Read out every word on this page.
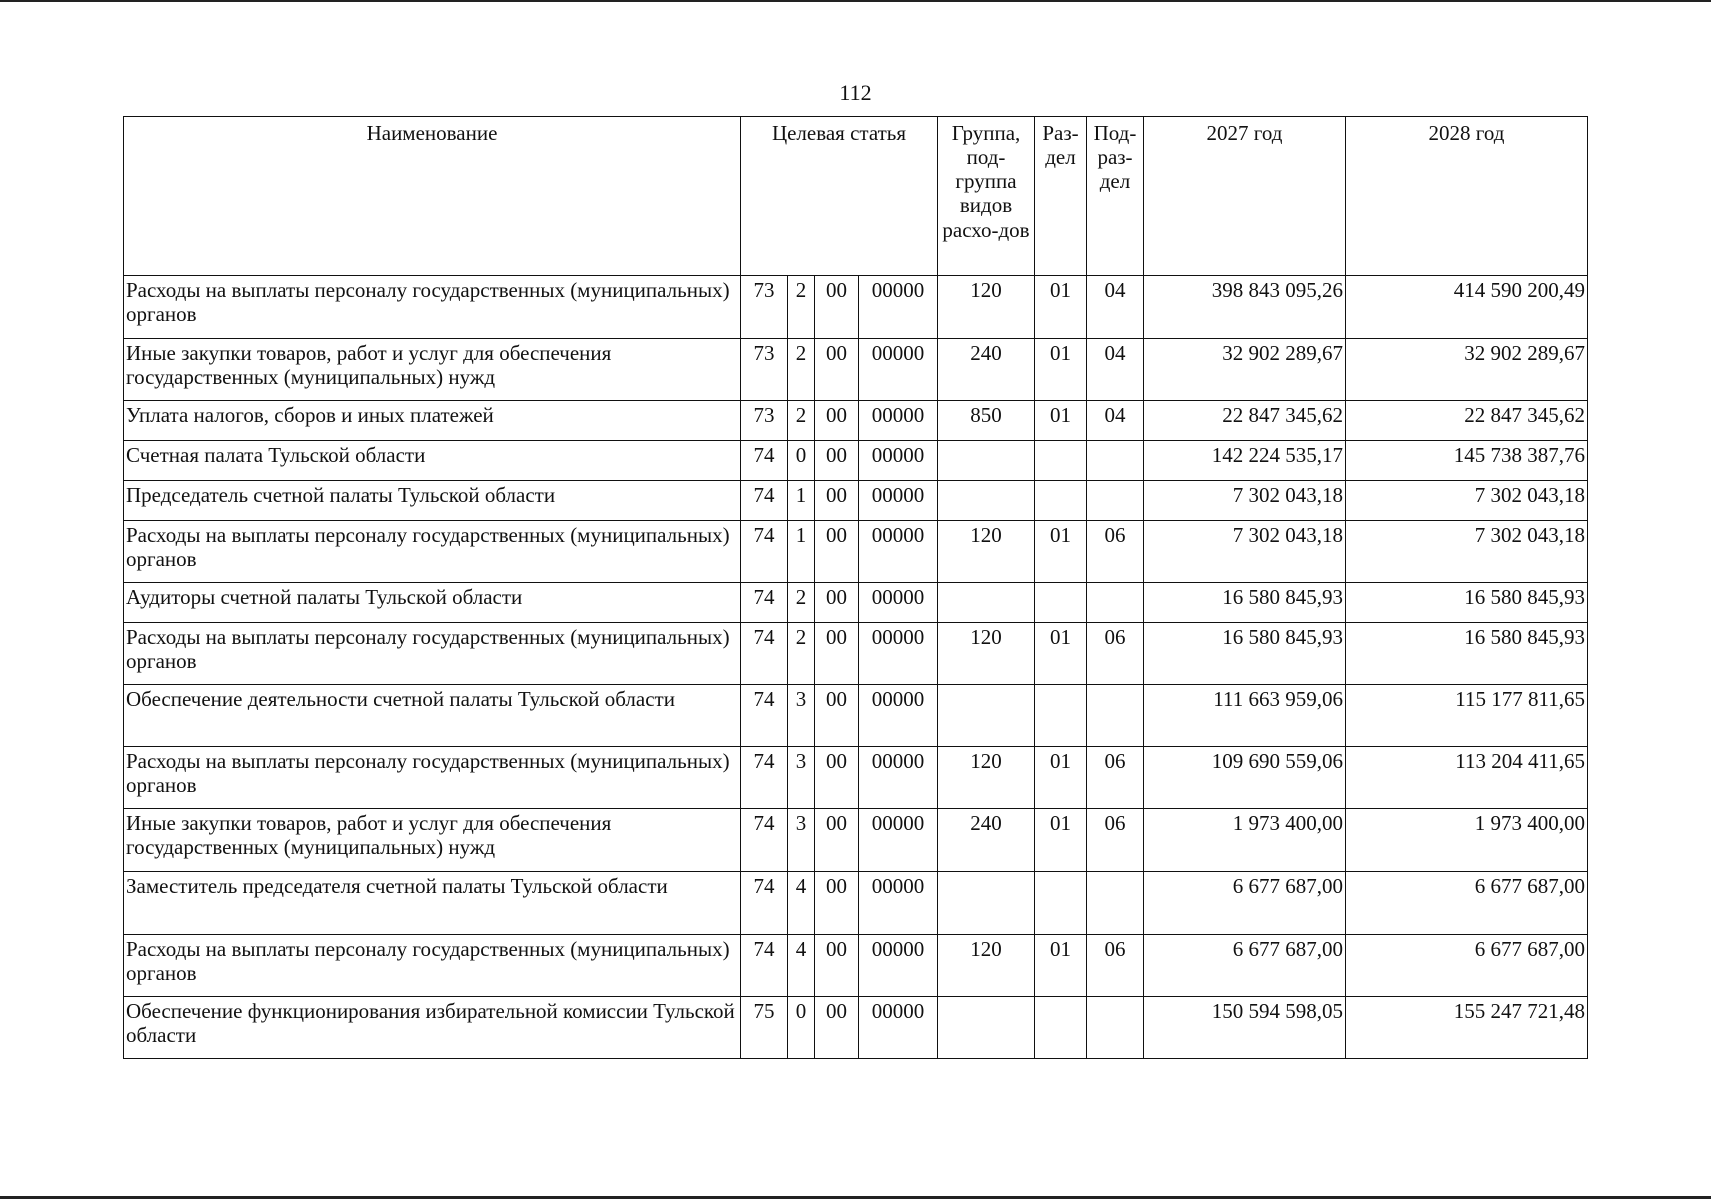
112
Наименование	Целевая статья				Группа, под-группа видов расхо-дов	Раз-дел	Под-раз-дел	2027 год	2028 год
Расходы на выплаты персоналу государственных (муниципальных) органов	73	2	00	00000	120	01	04	398 843 095,26	414 590 200,49
Иные закупки товаров, работ и услуг для обеспечения государственных (муниципальных) нужд	73	2	00	00000	240	01	04	32 902 289,67	32 902 289,67
Уплата налогов, сборов и иных платежей	73	2	00	00000	850	01	04	22 847 345,62	22 847 345,62
Счетная палата Тульской области	74	0	00	00000				142 224 535,17	145 738 387,76
Председатель счетной палаты Тульской области	74	1	00	00000				7 302 043,18	7 302 043,18
Расходы на выплаты персоналу государственных (муниципальных) органов	74	1	00	00000	120	01	06	7 302 043,18	7 302 043,18
Аудиторы счетной палаты Тульской области	74	2	00	00000				16 580 845,93	16 580 845,93
Расходы на выплаты персоналу государственных (муниципальных) органов	74	2	00	00000	120	01	06	16 580 845,93	16 580 845,93
Обеспечение деятельности счетной палаты Тульской области	74	3	00	00000				111 663 959,06	115 177 811,65
Расходы на выплаты персоналу государственных (муниципальных) органов	74	3	00	00000	120	01	06	109 690 559,06	113 204 411,65
Иные закупки товаров, работ и услуг для обеспечения государственных (муниципальных) нужд	74	3	00	00000	240	01	06	1 973 400,00	1 973 400,00
Заместитель председателя счетной палаты Тульской области	74	4	00	00000				6 677 687,00	6 677 687,00
Расходы на выплаты персоналу государственных (муниципальных) органов	74	4	00	00000	120	01	06	6 677 687,00	6 677 687,00
Обеспечение функционирования избирательной комиссии Тульской области	75	0	00	00000				150 594 598,05	155 247 721,48
